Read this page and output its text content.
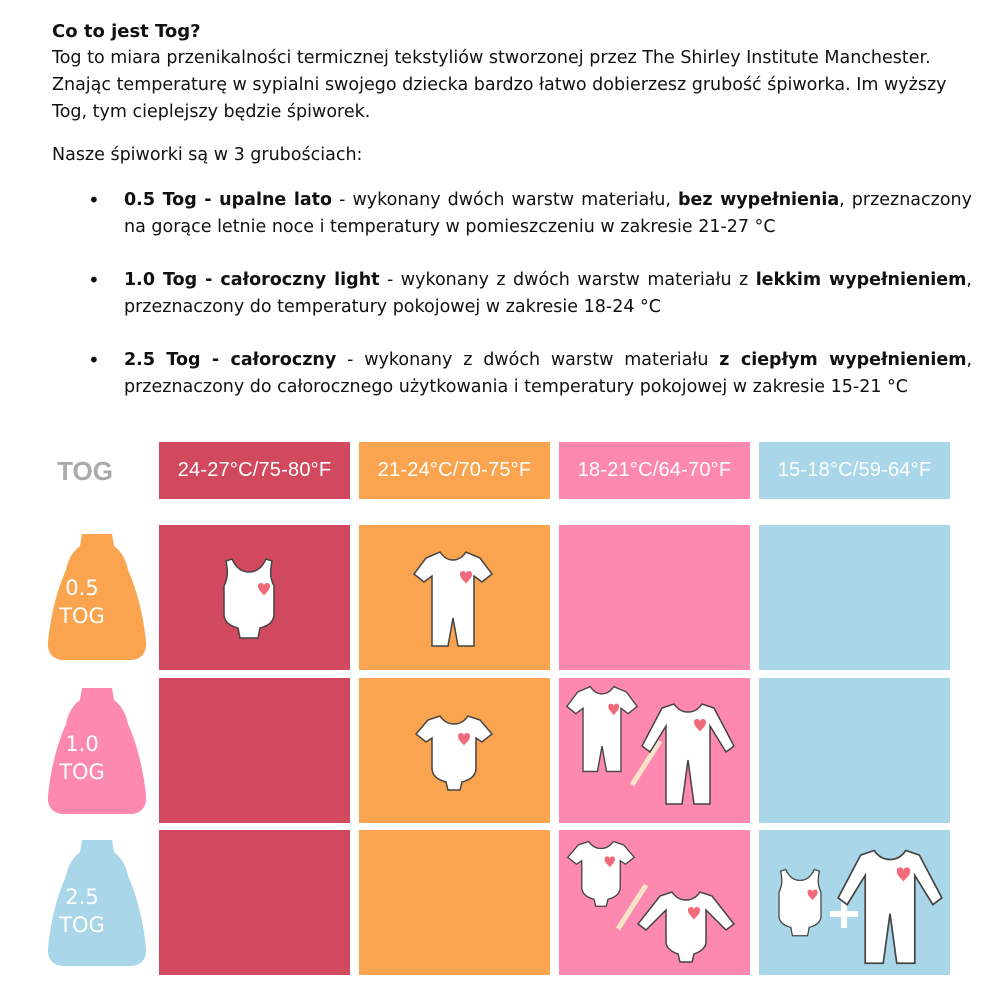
Co to jest Tog?

Tog to miara przenikalności termicznej tekstyliów stworzonej przez The Shirley Institute Manchester. Znając temperaturę w sypialni swojego dziecka bardzo łatwo dobierzesz grubość śpiworka. Im wyższy Tog, tym cieplejszy będzie śpiworek.

Nasze śpiworki są w 3 grubościach:

• 0.5 Tog - upalne lato - wykonany dwóch warstw materiału, bez wypełnienia, przeznaczony na gorące letnie noce i temperatury w pomieszczeniu w zakresie 21-27 °C
• 1.0 Tog - całoroczny light - wykonany z dwóch warstw materiału z lekkim wypełnieniem, przeznaczony do temperatury pokojowej w zakresie 18-24 °C
• 2.5 Tog - całoroczny - wykonany z dwóch warstw materiału z ciepłym wypełnieniem, przeznaczony do całorocznego użytkowania i temperatury pokojowej w zakresie 15-21 °C
TOG	24-27°C/75-80°F	21-24°C/70-75°F	18-21°C/64-70°F	15-18°C/59-64°F
0.5
TOG
1.0
TOG
2.5
TOG
